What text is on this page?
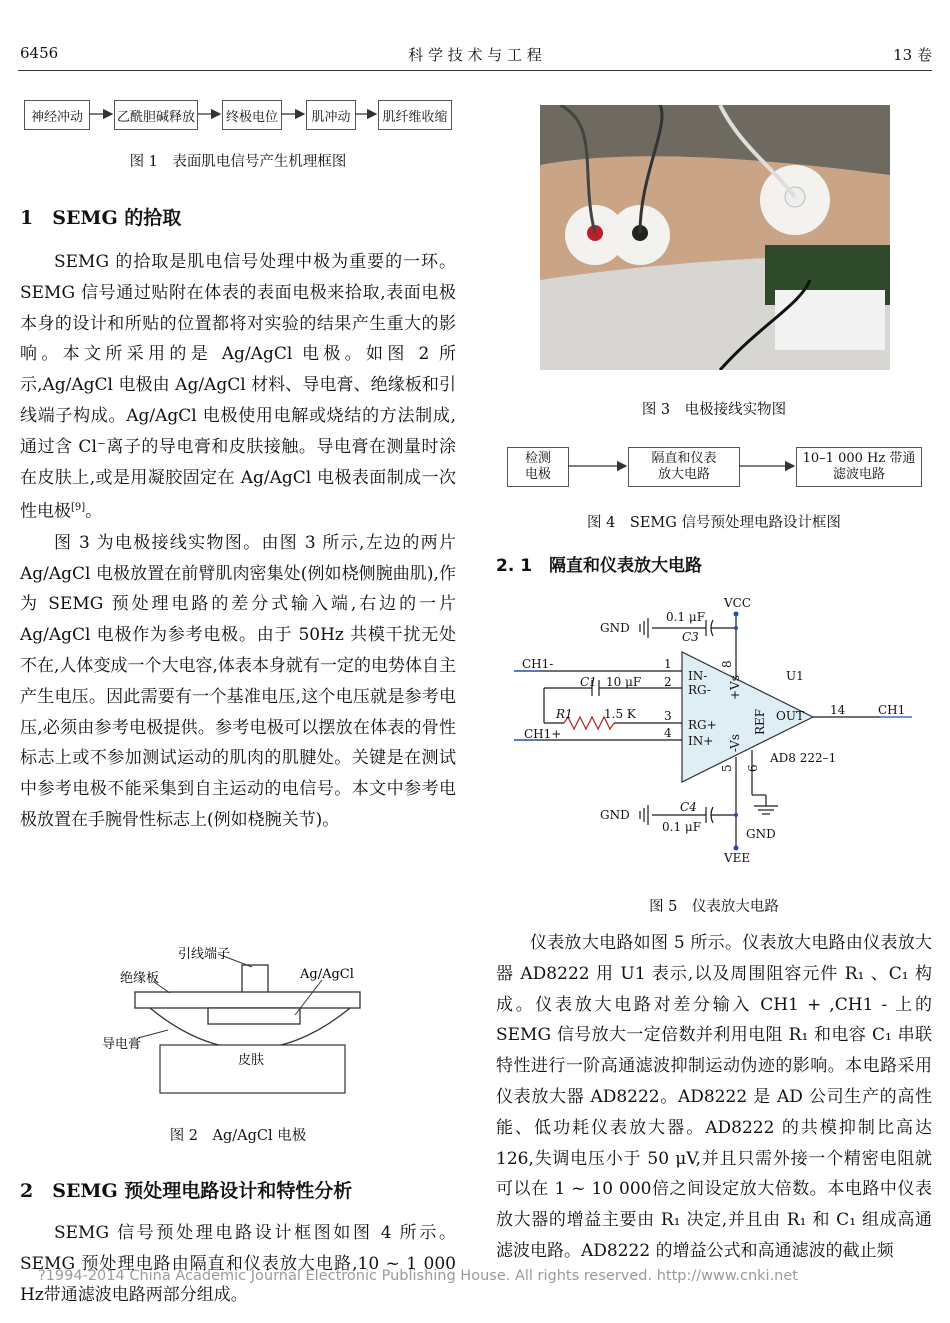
6456	科 学 技 术 与 工 程	13 卷
神经冲动	乙酰胆碱释放	终极电位	肌冲动	肌纤维收缩
图 1　表面肌电信号产生机理框图
1　SEMG 的拾取

SEMG 的拾取是肌电信号处理中极为重要的一环。SEMG 信号通过贴附在体表的表面电极来拾取,表面电极本身的设计和所贴的位置都将对实验的结果产生重大的影响。本文所采用的是 Ag/AgCl 电极。如图 2 所示,Ag/AgCl 电极由 Ag/AgCl 材料、导电膏、绝缘板和引线端子构成。Ag/AgCl 电极使用电解或烧结的方法制成,通过含 Cl⁻离子的导电膏和皮肤接触。导电膏在测量时涂在皮肤上,或是用凝胶固定在 Ag/AgCl 电极表面制成一次性电极[9]。

图 3 为电极接线实物图。由图 3 所示,左边的两片 Ag/AgCl 电极放置在前臂肌肉密集处(例如桡侧腕曲肌),作为 SEMG 预处理电路的差分式输入端,右边的一片 Ag/AgCl 电极作为参考电极。由于 50Hz 共模干扰无处不在,人体变成一个大电容,体表本身就有一定的电势体自主产生电压。因此需要有一个基准电压,这个电压就是参考电压,必须由参考电极提供。参考电极可以摆放在体表的骨性标志上或不参加测试运动的肌肉的肌腱处。关键是在测试中参考电极不能采集到自主运动的电信号。本文中参考电极放置在手腕骨性标志上(例如桡腕关节)。

引线端子
绝缘板	Ag/AgCl
导电膏
皮肤
图 2　Ag/AgCl 电极
2　SEMG 预处理电路设计和特性分析

SEMG 信号预处理电路设计框图如图 4 所示。SEMG 预处理电路由隔直和仪表放大电路,10 ~ 1 000 Hz带通滤波电路两部分组成。

图 3　电极接线实物图
检测
电极
隔直和仪表
放大电路
10–1 000 Hz 带通
滤波电路
图 4　SEMG 信号预处理电路设计框图
2. 1　隔直和仪表放大电路
VCC
VEE
GND
GND
GND
0.1 μF
C3
C4
0.1 μF
CH1-
CH1+
CH1
C1 10 μF
R1	1.5 K
U1
AD8 222–1
IN-
RG-
RG+
IN+
OUT
1
2
3
4
14
+Vs
-Vs
REF
8
5 6
图 5　仪表放大电路

仪表放大电路如图 5 所示。仪表放大电路由仪表放大器 AD8222 用 U1 表示,以及周围阻容元件 R₁ 、C₁ 构成。仪表放大电路对差分输入 CH1 + ,CH1 - 上的 SEMG 信号放大一定倍数并利用电阻 R₁ 和电容 C₁ 串联特性进行一阶高通滤波抑制运动伪迹的影响。本电路采用仪表放大器 AD8222。AD8222 是 AD 公司生产的高性能、低功耗仪表放大器。AD8222 的共模抑制比高达 126,失调电压小于 50 μV,并且只需外接一个精密电阻就可以在 1 ~ 10 000倍之间设定放大倍数。本电路中仪表放大器的增益主要由 R₁ 决定,并且由 R₁ 和 C₁ 组成高通滤波电路。AD8222 的增益公式和高通滤波的截止频

?1994-2014 China Academic Journal Electronic Publishing House. All rights reserved. http://www.cnki.net
